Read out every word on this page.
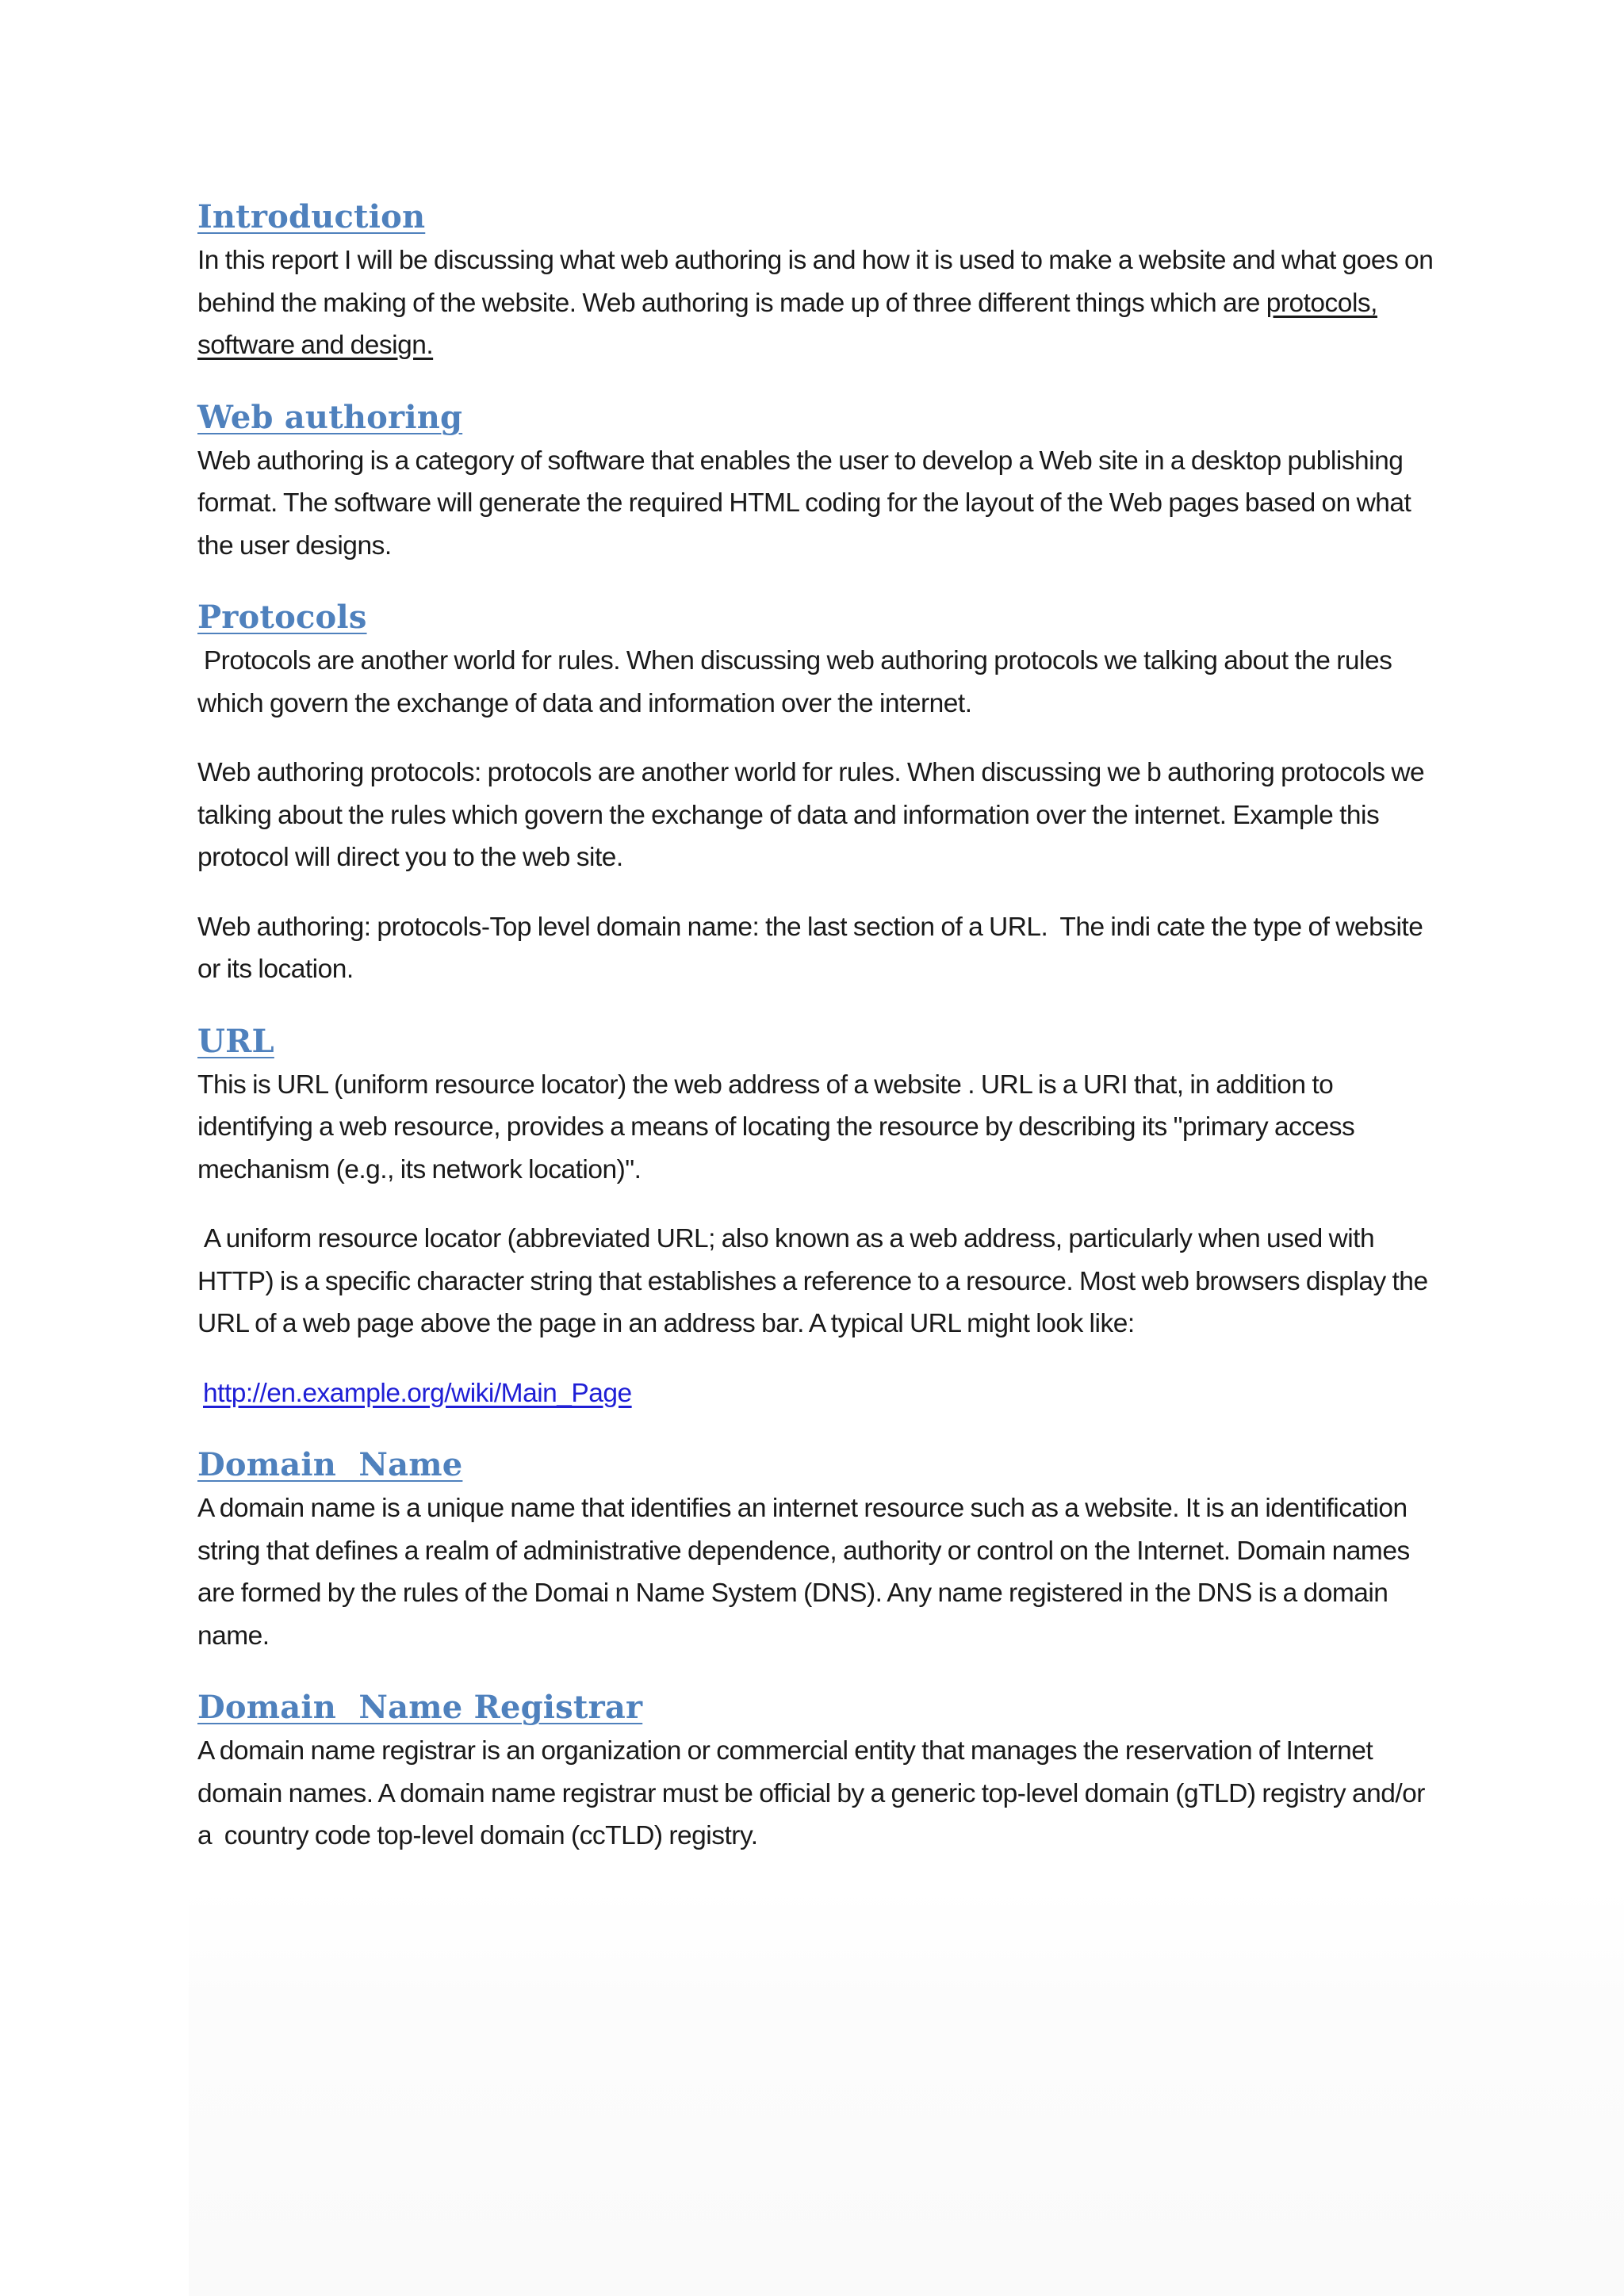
Introduction

In this report I will be discussing what web authoring is and how it is used to make a website and what goes on behind the making of the website. Web authoring is made up of three different things which are protocols, software and design.

Web authoring

Web authoring is a category of software that enables the user to develop a Web site in a desktop publishing format. The software will generate the required HTML coding for the layout of the Web pages based on what the user designs.

Protocols

Protocols are another world for rules. When discussing web authoring protocols we talking about the rules which govern the exchange of data and information over the internet.

Web authoring protocols: protocols are another world for rules. When discussing we b authoring protocols we talking about the rules which govern the exchange of data and information over the internet. Example this protocol will direct you to the web site.

Web authoring: protocols-Top level domain name: the last section of a URL.  The indi cate the type of website or its location.

URL

This is URL (uniform resource locator) the web address of a website . URL is a URI that, in addition to identifying a web resource, provides a means of locating the resource by describing its "primary access mechanism (e.g., its network location)".

A uniform resource locator (abbreviated URL; also known as a web address, particularly when used with HTTP) is a specific character string that establishes a reference to a resource. Most web browsers display the URL of a web page above the page in an address bar. A typical URL might look like:

http://en.example.org/wiki/Main_Page

Domain  Name

A domain name is a unique name that identifies an internet resource such as a website. It is an identification string that defines a realm of administrative dependence, authority or control on the Internet. Domain names are formed by the rules of the Domai n Name System (DNS). Any name registered in the DNS is a domain name.

Domain  Name Registrar

A domain name registrar is an organization or commercial entity that manages the reservation of Internet domain names. A domain name registrar must be official by a generic top-level domain (gTLD) registry and/or a  country code top-level domain (ccTLD) registry.
